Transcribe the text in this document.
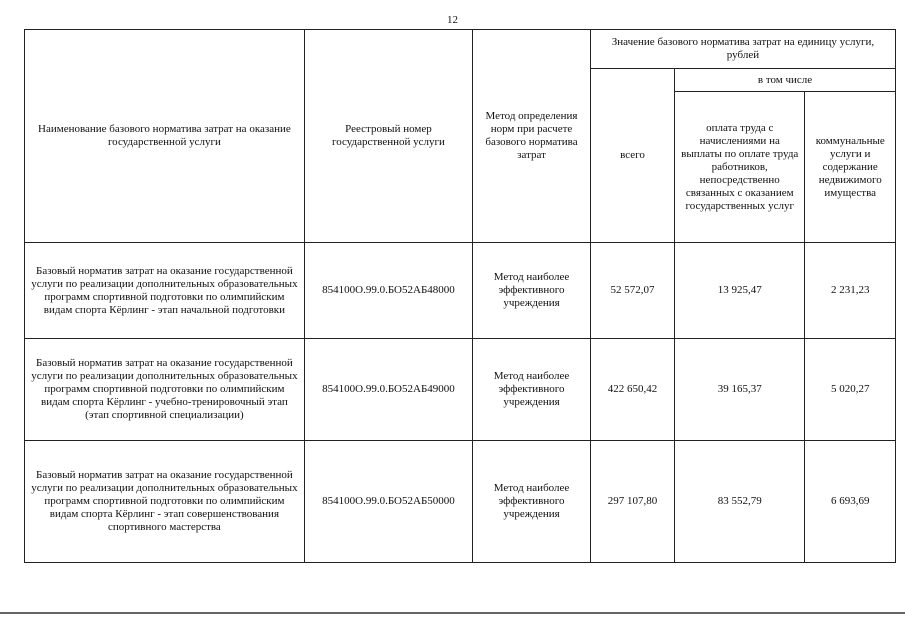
12
Наименование базового норматива затрат на оказание государственной услуги	Реестровый номер государственной услуги	Метод определения норм при расчете базового норматива затрат	Значение базового норматива затрат на единицу услуги, рублей		
			всего	в том числе	
				оплата труда с начислениями на выплаты по оплате труда работников, непосредственно связанных с оказанием государственных услуг	коммунальные услуги и содержание недвижимого имущества
Базовый норматив затрат на оказание государственной услуги по реализации дополнительных образовательных программ спортивной подготовки по олимпийским видам спорта Кёрлинг - этап начальной подготовки	854100О.99.0.БО52АБ48000	Метод наиболее эффективного учреждения	52 572,07	13 925,47	2 231,23
Базовый норматив затрат на оказание государственной услуги по реализации дополнительных образовательных программ спортивной подготовки по олимпийским видам спорта Кёрлинг - учебно-тренировочный этап (этап спортивной специализации)	854100О.99.0.БО52АБ49000	Метод наиболее эффективного учреждения	422 650,42	39 165,37	5 020,27
Базовый норматив затрат на оказание государственной услуги по реализации дополнительных образовательных программ спортивной подготовки по олимпийским видам спорта Кёрлинг - этап совершенствования спортивного мастерства	854100О.99.0.БО52АБ50000	Метод наиболее эффективного учреждения	297 107,80	83 552,79	6 693,69
